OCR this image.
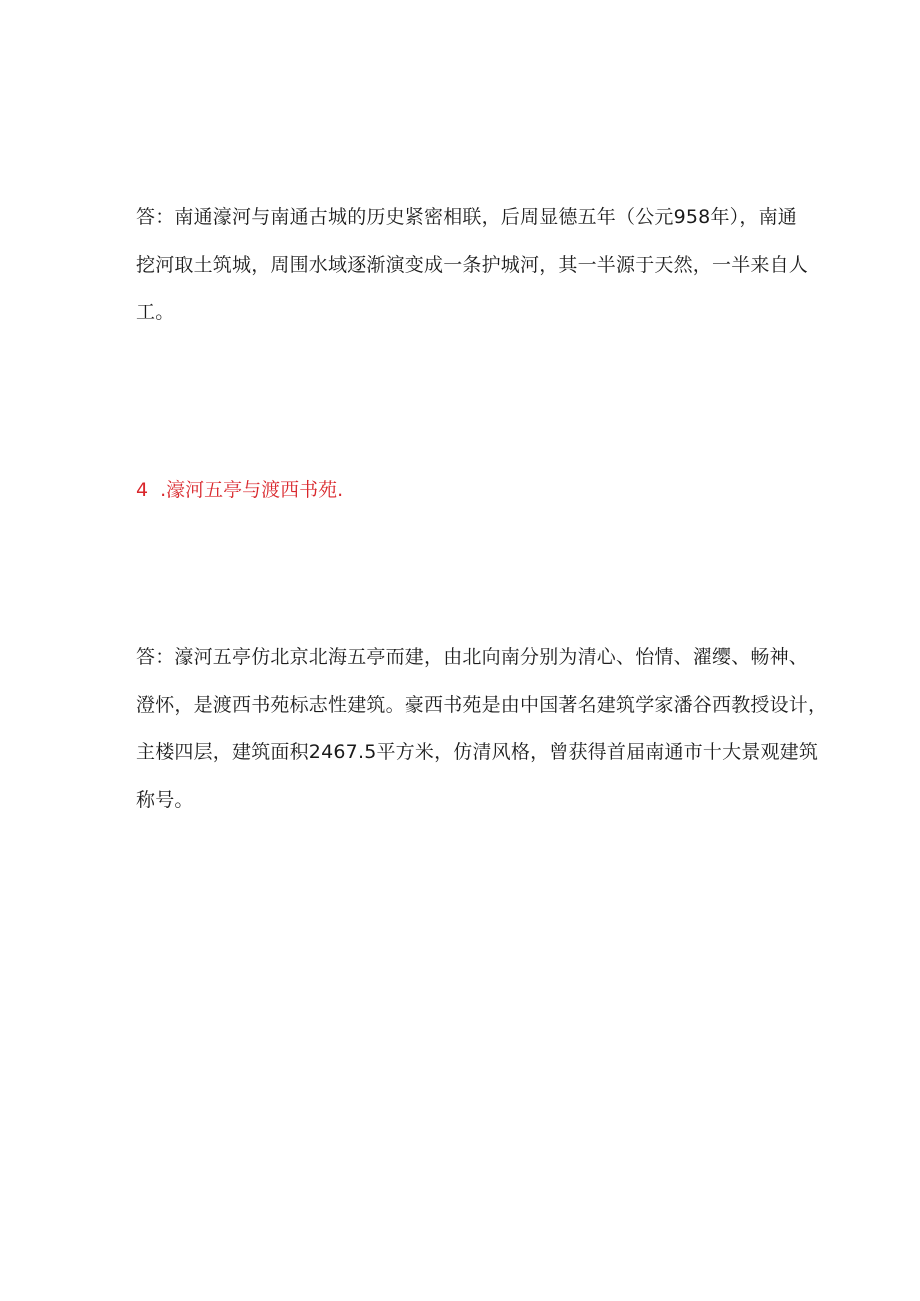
答：南通濠河与南通古城的历史紧密相联，后周显德五年（公元958年），南通
挖河取土筑城，周围水域逐渐演变成一条护城河，其一半源于天然，一半来自人
工。

4 .濠河五亭与渡西书苑.

答：濠河五亭仿北京北海五亭而建，由北向南分别为清心、怡情、濯缨、畅神、
澄怀，是渡西书苑标志性建筑。豪西书苑是由中国著名建筑学家潘谷西教授设计，
主楼四层，建筑面积2467.5平方米，仿清风格，曾获得首届南通市十大景观建筑
称号。
